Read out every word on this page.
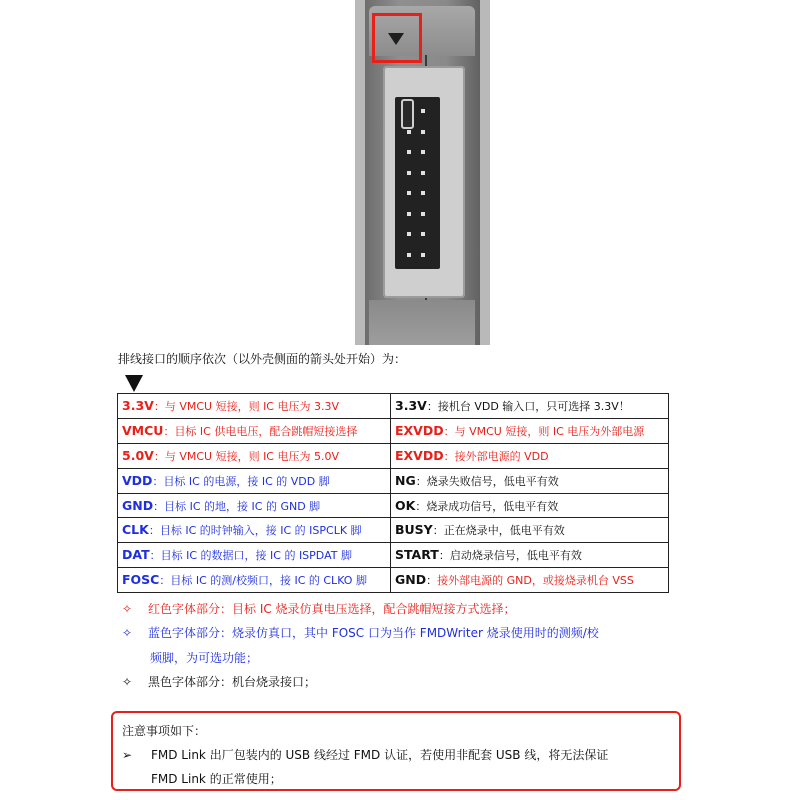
排线接口的顺序依次（以外壳侧面的箭头处开始）为：
3.3V：与 VMCU 短接，则 IC 电压为 3.3V	3.3V：接机台 VDD 输入口，只可选择 3.3V！
VMCU：目标 IC 供电电压，配合跳帽短接选择	EXVDD：与 VMCU 短接，则 IC 电压为外部电源
5.0V：与 VMCU 短接，则 IC 电压为 5.0V	EXVDD：接外部电源的 VDD
VDD：目标 IC 的电源，接 IC 的 VDD 脚	NG：烧录失败信号，低电平有效
GND：目标 IC 的地，接 IC 的 GND 脚	OK：烧录成功信号，低电平有效
CLK：目标 IC 的时钟输入，接 IC 的 ISPCLK 脚	BUSY：正在烧录中，低电平有效
DAT：目标 IC 的数据口，接 IC 的 ISPDAT 脚	START：启动烧录信号，低电平有效
FOSC：目标 IC 的测/校频口，接 IC 的 CLKO 脚	GND：接外部电源的 GND，或接烧录机台 VSS
✧ 红色字体部分：目标 IC 烧录仿真电压选择，配合跳帽短接方式选择；
✧ 蓝色字体部分：烧录仿真口，其中 FOSC 口为当作 FMDWriter 烧录使用时的测频/校
频脚，为可选功能；
✧ 黑色字体部分：机台烧录接口；
注意事项如下：
➢ FMD Link 出厂包装内的 USB 线经过 FMD 认证，若使用非配套 USB 线，将无法保证
FMD Link 的正常使用；
